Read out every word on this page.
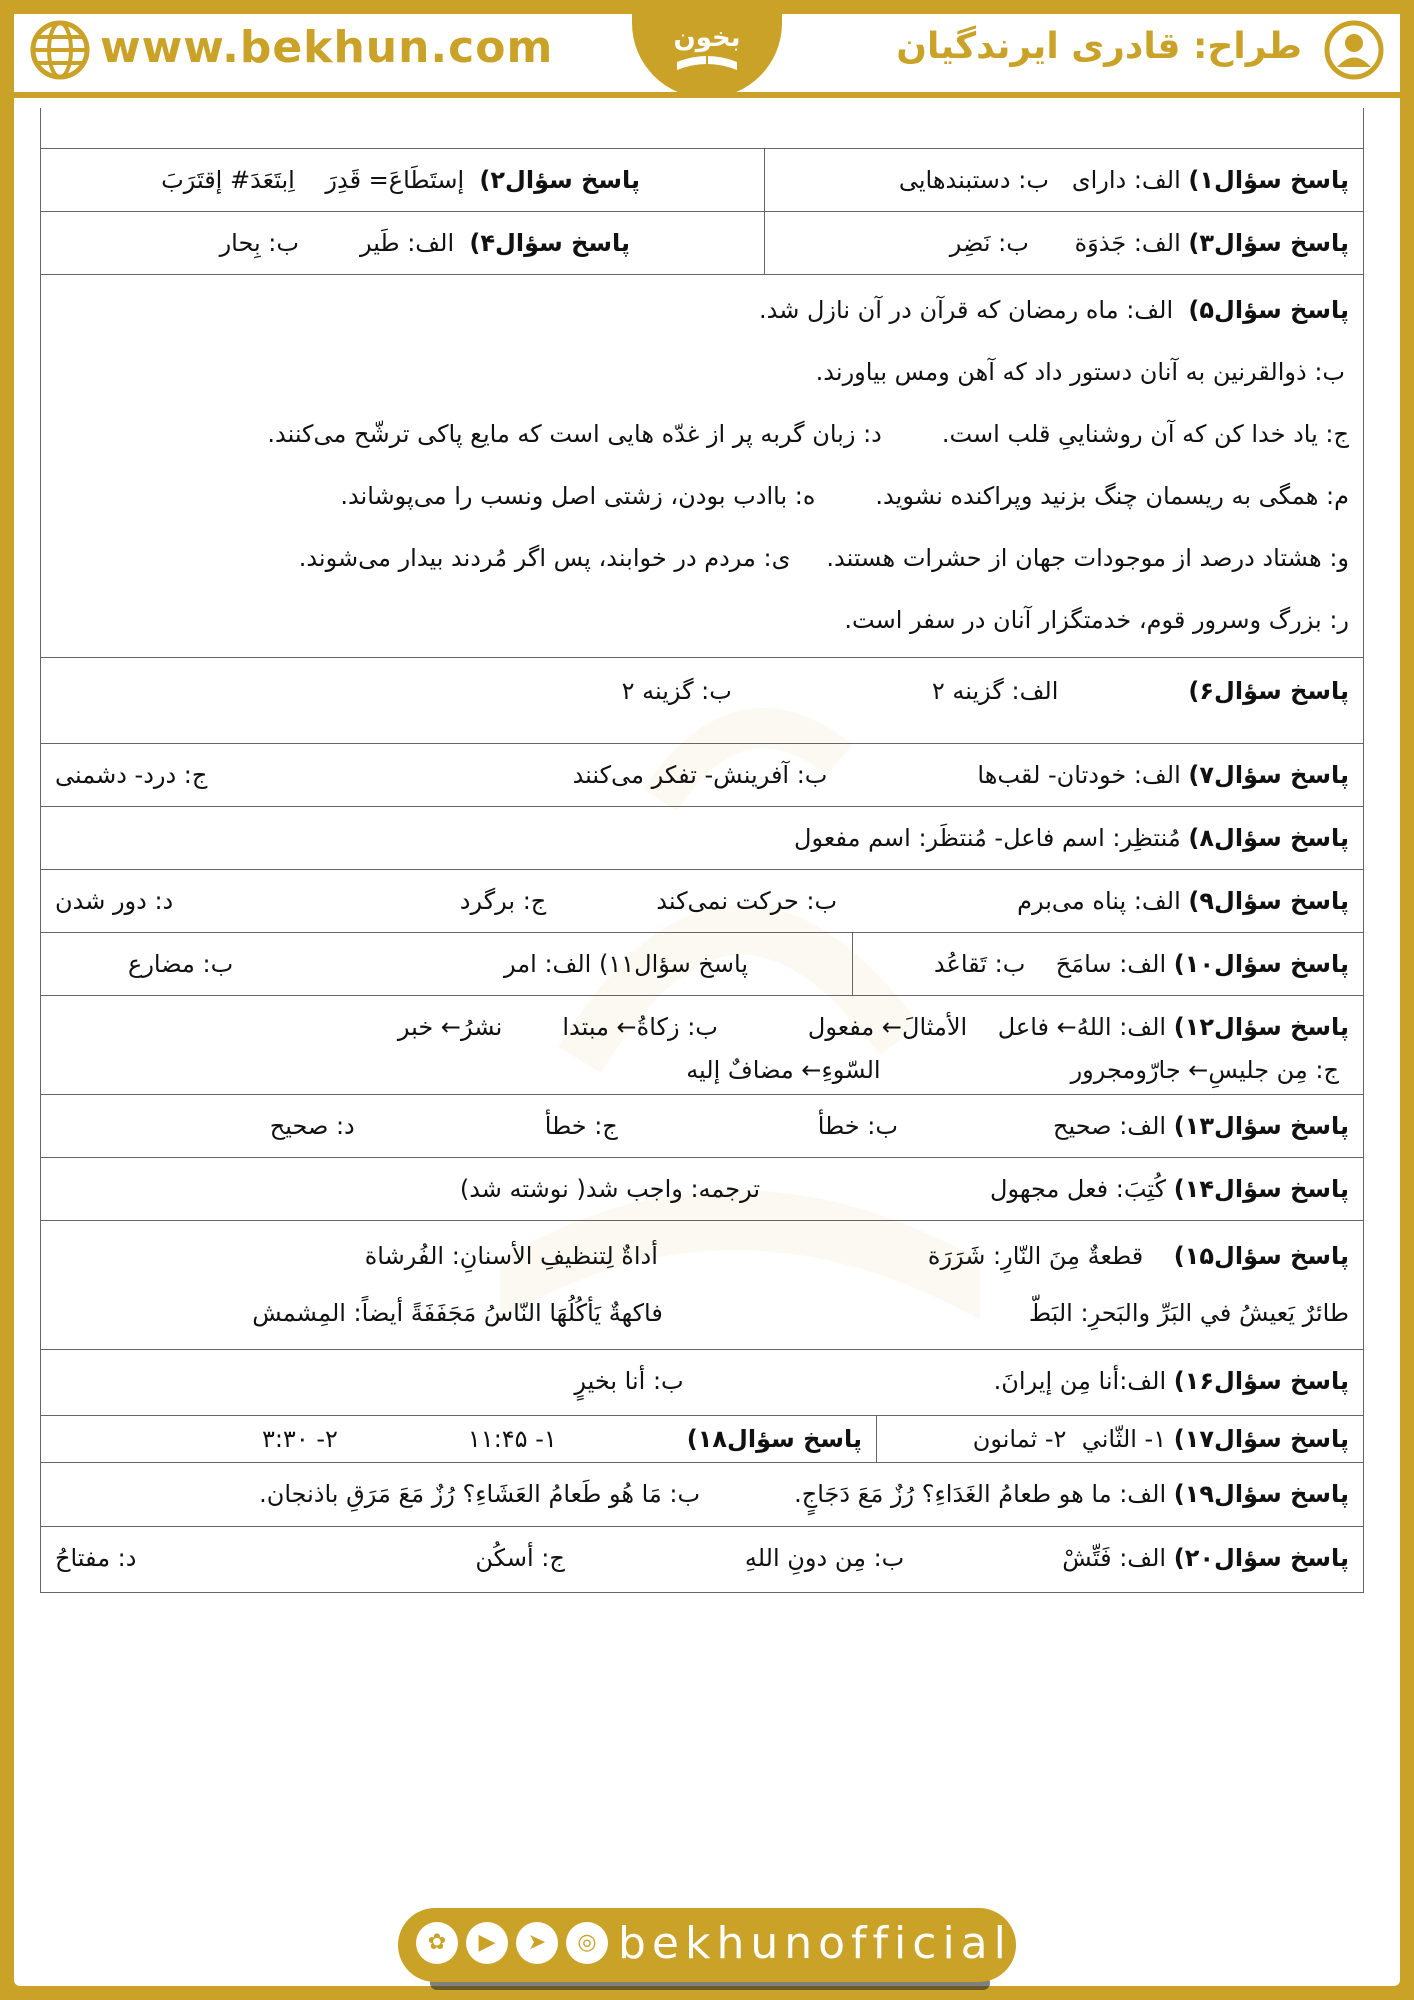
www.bekhun.com	بخون	طراح: قادری ایرندگیان
پاسخ سؤال۱)

الف: دارای

ب: دستبندهایی
پاسخ سؤال۲)

إستَطَاعَ= قَدِرَ

اِبتَعَدَ# إقتَرَبَ
پاسخ سؤال۳)

الف: جَذوَة

ب: نَضِر
پاسخ سؤال۴)

الف: طَیر

ب: بِحار
پاسخ سؤال۵)

الف: ماه رمضان که قرآن در آن نازل شد.
ب: ذوالقرنین به آنان دستور داد که آهن ومس بیاورند.
ج: یاد خدا کن که آن روشناییِ قلب است.
د: زبان گربه پر از غدّه هایی است که مایع پاکی ترشّح می‌کنند.
م: همگی به ریسمان چنگ بزنید وپراکنده نشوید.
ه: باادب بودن، زشتی اصل ونسب را می‌پوشاند.
و: هشتاد درصد از موجودات جهان از حشرات هستند.
ی: مردم در خوابند، پس اگر مُردند بیدار می‌شوند.
ر: بزرگ وسرور قوم، خدمتگزار آنان در سفر است.
پاسخ سؤال۶)
الف: گزینه ۲
ب: گزینه ۲
پاسخ سؤال۷)

الف: خودتان- لقب‌ها
ب: آفرینش- تفکر می‌کنند
ج: درد- دشمنی
پاسخ سؤال۸)

مُنتظِر: اسم فاعل- مُنتظَر: اسم مفعول
پاسخ سؤال۹)

الف: پناه می‌برم
ب: حرکت نمی‌کند
ج: برگرد
د: دور شدن
پاسخ سؤال۱۰)

الف: سامَحَ

ب: تَقاعُد
پاسخ سؤال۱۱)

الف: امر
ب: مضارع
پاسخ سؤال۱۲)

الف: اللهُ← فاعل

الأمثالَ← مفعول
ب: زکاةُ← مبتدا
نشرُ← خبر
ج: مِن جلیسِ← جارّومجرور
السّوءِ← مضافٌ إلیه
پاسخ سؤال۱۳)

الف: صحیح
ب: خطأ
ج: خطأ
د: صحیح
پاسخ سؤال۱۴)

کُتِبَ: فعل مجهول
ترجمه: واجب شد( نوشته شد)
پاسخ سؤال۱۵)

قطعةٌ مِنَ النّارِ: شَرَرَة
أداةٌ لِتنظیفِ الأسنانِ: الفُرشاة
طائرٌ یَعیشُ في البَرِّ والبَحرِ: البَطّ
فاکهةٌ یَأکُلُهَا النّاسُ مَجَفَفَةً أیضاً: المِشمش
پاسخ سؤال۱۶)

الف:أنا مِن إیرانَ.
ب: أنا بخیرٍ
پاسخ سؤال۱۷)

۱- الثّاني

۲- ثمانون
پاسخ سؤال۱۸)
۱- ۱۱:۴۵
۲- ۳:۳۰
پاسخ سؤال۱۹)

الف: ما هو طعامُ الغَدَاءِ؟ رُزٌ مَعَ دَجَاجٍ.
ب: مَا هُو طَعامُ العَشَاءِ؟ رُزٌ مَعَ مَرَقِ باذنجان.
پاسخ سؤال۲۰)

الف: فَتِّشْ
ب: مِن دونِ اللهِ
ج: أسکُن
د: مفتاحُ
✿	▶	➤	◎ bekhunofficial
